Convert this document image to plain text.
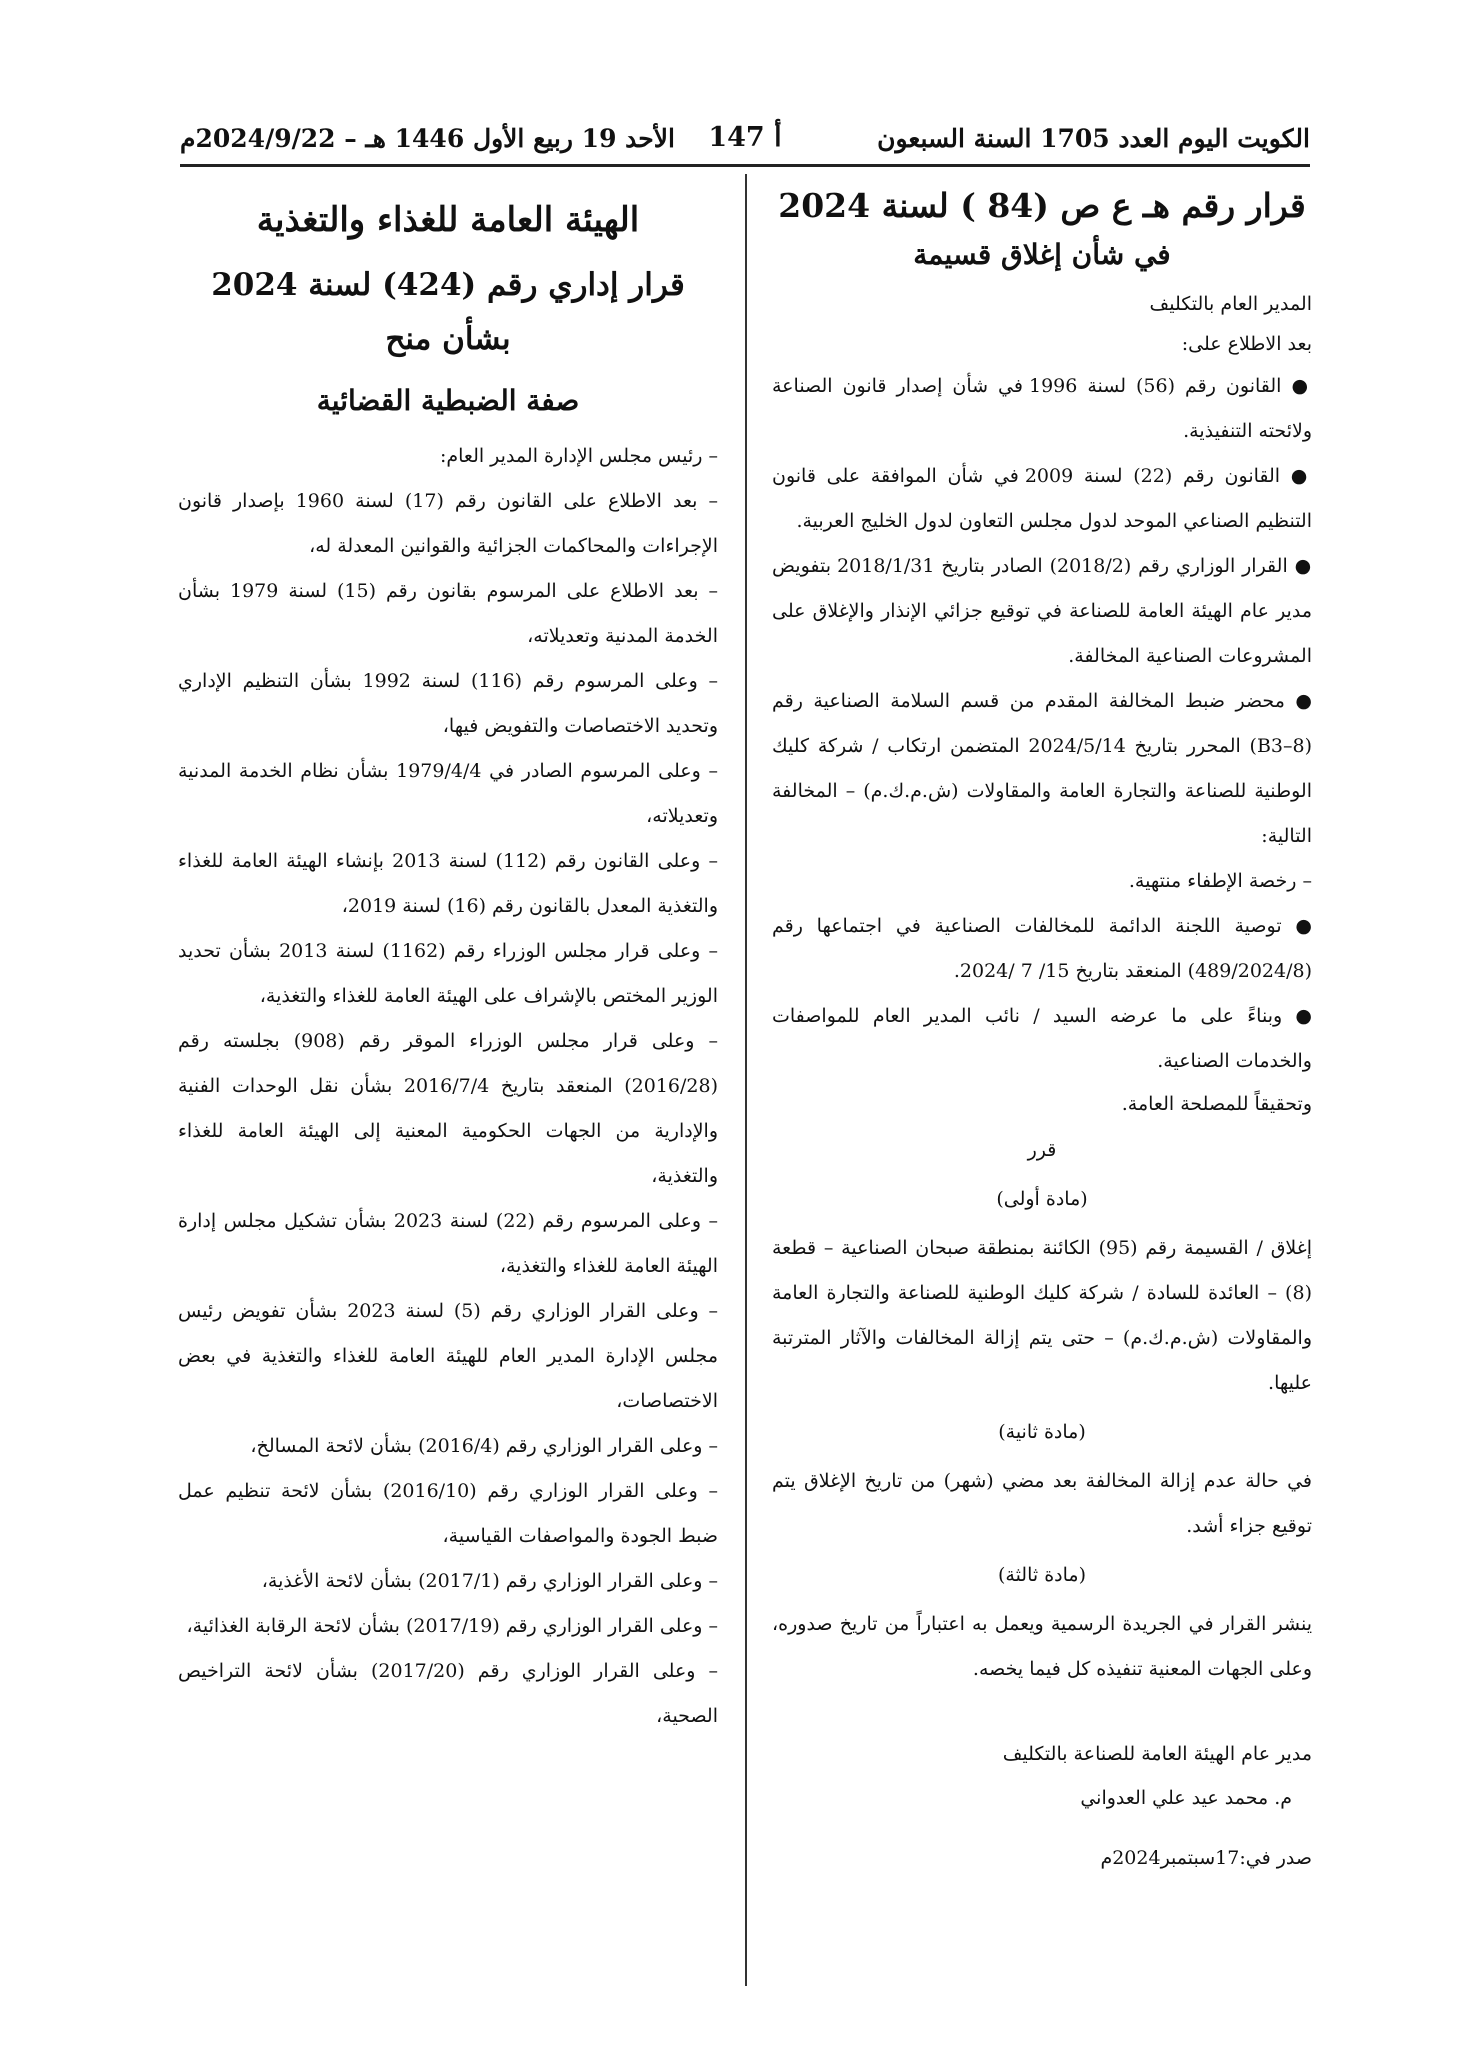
الكويت اليوم العدد 1705 السنة السبعون
أ 147
الأحد 19 ربيع الأول 1446 هـ – 2024/9/22م
قرار رقم هـ ع ص (84 ) لسنة 2024
في شأن إغلاق قسيمة

المدير العام بالتكليف

بعد الاطلاع على:

● القانون رقم (56) لسنة 1996 في شأن إصدار قانون الصناعة ولائحته التنفيذية.

● القانون رقم (22) لسنة 2009 في شأن الموافقة على قانون التنظيم الصناعي الموحد لدول مجلس التعاون لدول الخليج العربية.

● القرار الوزاري رقم (2018/2) الصادر بتاريخ 2018/1/31 بتفويض مدير عام الهيئة العامة للصناعة في توقيع جزائي الإنذار والإغلاق على المشروعات الصناعية المخالفة.

● محضر ضبط المخالفة المقدم من قسم السلامة الصناعية رقم (B3–8) المحرر بتاريخ 2024/5/14 المتضمن ارتكاب / شركة كليك الوطنية للصناعة والتجارة العامة والمقاولات (ش.م.ك.م) – المخالفة التالية:

– رخصة الإطفاء منتهية.

● توصية اللجنة الدائمة للمخالفات الصناعية في اجتماعها رقم (489/2024/8) المنعقد بتاريخ 15/ 7 /2024.

● وبناءً على ما عرضه السيد / نائب المدير العام للمواصفات والخدمات الصناعية.

وتحقيقاً للمصلحة العامة.

قرر

(مادة أولى)

إغلاق / القسيمة رقم (95) الكائنة بمنطقة صبحان الصناعية – قطعة (8) – العائدة للسادة / شركة كليك الوطنية للصناعة والتجارة العامة والمقاولات (ش.م.ك.م) – حتى يتم إزالة المخالفات والآثار المترتبة عليها.

(مادة ثانية)

في حالة عدم إزالة المخالفة بعد مضي (شهر) من تاريخ الإغلاق يتم توقيع جزاء أشد.

(مادة ثالثة)

ينشر القرار في الجريدة الرسمية ويعمل به اعتباراً من تاريخ صدوره، وعلى الجهات المعنية تنفيذه كل فيما يخصه.

مدير عام الهيئة العامة للصناعة بالتكليف

م. محمد عيد علي العدواني

صدر في:17سبتمبر2024م

الهيئة العامة للغذاء والتغذية
قرار إداري رقم (424) لسنة 2024 بشأن منح
صفة الضبطية القضائية

– رئيس مجلس الإدارة المدير العام:

– بعد الاطلاع على القانون رقم (17) لسنة 1960 بإصدار قانون الإجراءات والمحاكمات الجزائية والقوانين المعدلة له،

– بعد الاطلاع على المرسوم بقانون رقم (15) لسنة 1979 بشأن الخدمة المدنية وتعديلاته،

– وعلى المرسوم رقم (116) لسنة 1992 بشأن التنظيم الإداري وتحديد الاختصاصات والتفويض فيها،

– وعلى المرسوم الصادر في 1979/4/4 بشأن نظام الخدمة المدنية وتعديلاته،

– وعلى القانون رقم (112) لسنة 2013 بإنشاء الهيئة العامة للغذاء والتغذية المعدل بالقانون رقم (16) لسنة 2019،

– وعلى قرار مجلس الوزراء رقم (1162) لسنة 2013 بشأن تحديد الوزير المختص بالإشراف على الهيئة العامة للغذاء والتغذية،

– وعلى قرار مجلس الوزراء الموقر رقم (908) بجلسته رقم (2016/28) المنعقد بتاريخ 2016/7/4 بشأن نقل الوحدات الفنية والإدارية من الجهات الحكومية المعنية إلى الهيئة العامة للغذاء والتغذية،

– وعلى المرسوم رقم (22) لسنة 2023 بشأن تشكيل مجلس إدارة الهيئة العامة للغذاء والتغذية،

– وعلى القرار الوزاري رقم (5) لسنة 2023 بشأن تفويض رئيس مجلس الإدارة المدير العام للهيئة العامة للغذاء والتغذية في بعض الاختصاصات،

– وعلى القرار الوزاري رقم (2016/4) بشأن لائحة المسالخ،

– وعلى القرار الوزاري رقم (2016/10) بشأن لائحة تنظيم عمل ضبط الجودة والمواصفات القياسية،

– وعلى القرار الوزاري رقم (2017/1) بشأن لائحة الأغذية،

– وعلى القرار الوزاري رقم (2017/19) بشأن لائحة الرقابة الغذائية،

– وعلى القرار الوزاري رقم (2017/20) بشأن لائحة التراخيص الصحية،
